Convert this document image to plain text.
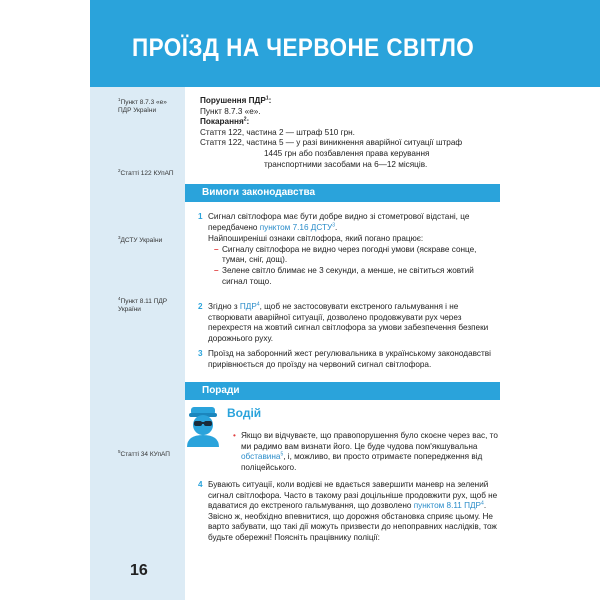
ПРОЇЗД НА ЧЕРВОНЕ СВІТЛО
$^1$Пункт 8.7.3 «е» ПДР України
$^2$Статті 122 КУпАП
$^3$ДСТУ України
$^4$Пункт 8.11 ПДР України
$^5$Статті 34 КУпАП
16
Порушення ПДР$^1$:
Пункт 8.7.3 «е».
Покарання$^2$:
Стаття 122, частина 2 — штраф 510 грн.
Стаття 122, частина 5 — у разі виникнення аварійної ситуації штраф
1445 грн або позбавлення права керування
транспортними засобами на 6—12 місяців.
Вимоги законодавства
1 Сигнал світлофора має бути добре видно зі стометрової відстані, це передбачено пунктом 7.16 ДСТУ$^3$.
Найпоширеніші ознаки світлофора, який погано працює:
– Сигналу світлофора не видно через погодні умови (яскраве сонце, туман, сніг, дощ).
– Зелене світло блимає не 3 секунди, а менше, не світиться жовтий сигнал тощо.
2 Згідно з ПДР$^4$, щоб не застосовувати екстреного гальмування і не створювати аварійної ситуації, дозволено продовжувати рух через перехрестя на жовтий сигнал світлофора за умови забезпечення безпеки дорожнього руху.
3 Проїзд на заборонний жест регулювальника в українському законодавстві прирівнюється до проїзду на червоний сигнал світлофора.
Поради
Водій
• Якщо ви відчуваєте, що правопорушення було скоєне через вас, то ми радимо вам визнати його. Це буде чудова пом'якшувальна обставина$^5$, і, можливо, ви просто отримаєте попередження від поліцейського.
4 Бувають ситуації, коли водієві не вдається завершити маневр на зелений сигнал світлофора. Часто в такому разі доцільніше продовжити рух, щоб не вдаватися до екстреного гальмування, що дозволено пунктом 8.11 ПДР$^4$. Звісно ж, необхідно впевнитися, що дорожня обстановка сприяє цьому. Не варто забувати, що такі дії можуть призвести до непоправних наслідків, тож будьте обережні! Поясніть працівнику поліції:
